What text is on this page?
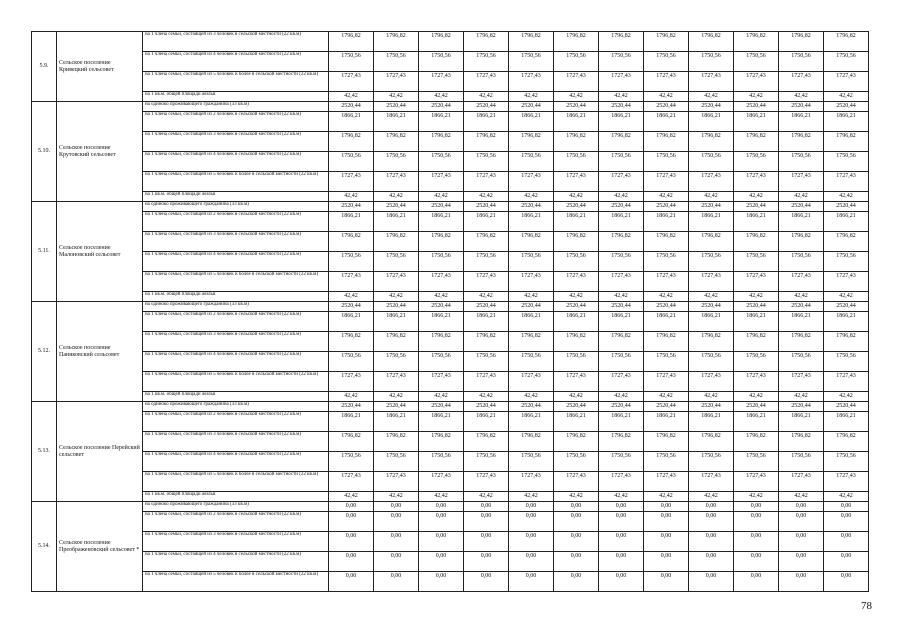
5.9.	Сельское поселение Кривецкий сельсовет	на 1 члена семьи, состоящей из 3 человек в сельской местности (22 кв.м)	1796,82	1796,82	1796,82	1796,82	1796,82	1796,82	1796,82	1796,82	1796,82	1796,82	1796,82	1796,82
		на 1 члена семьи, состоящей из 4 человек в сельской местности (22 кв.м)	1750,56	1750,56	1750,56	1750,56	1750,56	1750,56	1750,56	1750,56	1750,56	1750,56	1750,56	1750,56
		на 1 члена семьи, состоящей из 5 человек и более в сельской местности (22 кв.м)	1727,43	1727,43	1727,43	1727,43	1727,43	1727,43	1727,43	1727,43	1727,43	1727,43	1727,43	1727,43
		на 1 кв.м. общей площади жилья	42,42	42,42	42,42	42,42	42,42	42,42	42,42	42,42	42,42	42,42	42,42	42,42
5.10.	Сельское поселение Крутовский сельсовет	на одиноко проживающего гражданина (33 кв.м)	2520,44	2520,44	2520,44	2520,44	2520,44	2520,44	2520,44	2520,44	2520,44	2520,44	2520,44	2520,44
		на 1 члена семьи, состоящей из 2 человек в сельской местности (22 кв.м)	1866,21	1866,21	1866,21	1866,21	1866,21	1866,21	1866,21	1866,21	1866,21	1866,21	1866,21	1866,21
		на 1 члена семьи, состоящей из 3 человек в сельской местности (22 кв.м)	1796,82	1796,82	1796,82	1796,82	1796,82	1796,82	1796,82	1796,82	1796,82	1796,82	1796,82	1796,82
		на 1 члена семьи, состоящей из 4 человек в сельской местности (22 кв.м)	1750,56	1750,56	1750,56	1750,56	1750,56	1750,56	1750,56	1750,56	1750,56	1750,56	1750,56	1750,56
		на 1 члена семьи, состоящей из 5 человек и более в сельской местности (22 кв.м)	1727,43	1727,43	1727,43	1727,43	1727,43	1727,43	1727,43	1727,43	1727,43	1727,43	1727,43	1727,43
		на 1 кв.м. общей площади жилья	42,42	42,42	42,42	42,42	42,42	42,42	42,42	42,42	42,42	42,42	42,42	42,42
5.11.	Сельское поселение Малоновский сельсовет	на одиноко проживающего гражданина (33 кв.м)	2520,44	2520,44	2520,44	2520,44	2520,44	2520,44	2520,44	2520,44	2520,44	2520,44	2520,44	2520,44
		на 1 члена семьи, состоящей из 2 человек в сельской местности (22 кв.м)	1866,21	1866,21	1866,21	1866,21	1866,21	1866,21	1866,21	1866,21	1866,21	1866,21	1866,21	1866,21
		на 1 члена семьи, состоящей из 3 человек в сельской местности (22 кв.м)	1796,82	1796,82	1796,82	1796,82	1796,82	1796,82	1796,82	1796,82	1796,82	1796,82	1796,82	1796,82
		на 1 члена семьи, состоящей из 4 человек в сельской местности (22 кв.м)	1750,56	1750,56	1750,56	1750,56	1750,56	1750,56	1750,56	1750,56	1750,56	1750,56	1750,56	1750,56
		на 1 члена семьи, состоящей из 5 человек и более в сельской местности (22 кв.м)	1727,43	1727,43	1727,43	1727,43	1727,43	1727,43	1727,43	1727,43	1727,43	1727,43	1727,43	1727,43
		на 1 кв.м. общей площади жилья	42,42	42,42	42,42	42,42	42,42	42,42	42,42	42,42	42,42	42,42	42,42	42,42
5.12.	Сельское поселение Паниковский сельсовет	на одиноко проживающего гражданина (33 кв.м)	2520,44	2520,44	2520,44	2520,44	2520,44	2520,44	2520,44	2520,44	2520,44	2520,44	2520,44	2520,44
		на 1 члена семьи, состоящей из 2 человек в сельской местности (22 кв.м)	1866,21	1866,21	1866,21	1866,21	1866,21	1866,21	1866,21	1866,21	1866,21	1866,21	1866,21	1866,21
		на 1 члена семьи, состоящей из 3 человек в сельской местности (22 кв.м)	1796,82	1796,82	1796,82	1796,82	1796,82	1796,82	1796,82	1796,82	1796,82	1796,82	1796,82	1796,82
		на 1 члена семьи, состоящей из 4 человек в сельской местности (22 кв.м)	1750,56	1750,56	1750,56	1750,56	1750,56	1750,56	1750,56	1750,56	1750,56	1750,56	1750,56	1750,56
		на 1 члена семьи, состоящей из 5 человек и более в сельской местности (22 кв.м)	1727,43	1727,43	1727,43	1727,43	1727,43	1727,43	1727,43	1727,43	1727,43	1727,43	1727,43	1727,43
		на 1 кв.м. общей площади жилья	42,42	42,42	42,42	42,42	42,42	42,42	42,42	42,42	42,42	42,42	42,42	42,42
5.13.	Сельское поселение Перейский сельсовет	на одиноко проживающего гражданина (33 кв.м)	2520,44	2520,44	2520,44	2520,44	2520,44	2520,44	2520,44	2520,44	2520,44	2520,44	2520,44	2520,44
		на 1 члена семьи, состоящей из 2 человек в сельской местности (22 кв.м)	1866,21	1866,21	1866,21	1866,21	1866,21	1866,21	1866,21	1866,21	1866,21	1866,21	1866,21	1866,21
		на 1 члена семьи, состоящей из 3 человек в сельской местности (22 кв.м)	1796,82	1796,82	1796,82	1796,82	1796,82	1796,82	1796,82	1796,82	1796,82	1796,82	1796,82	1796,82
		на 1 члена семьи, состоящей из 4 человек в сельской местности (22 кв.м)	1750,56	1750,56	1750,56	1750,56	1750,56	1750,56	1750,56	1750,56	1750,56	1750,56	1750,56	1750,56
		на 1 члена семьи, состоящей из 5 человек и более в сельской местности (22 кв.м)	1727,43	1727,43	1727,43	1727,43	1727,43	1727,43	1727,43	1727,43	1727,43	1727,43	1727,43	1727,43
		на 1 кв.м. общей площади жилья	42,42	42,42	42,42	42,42	42,42	42,42	42,42	42,42	42,42	42,42	42,42	42,42
5.14.	Сельское поселение Преображеновский сельсовет *	на одиноко проживающего гражданина (33 кв.м)	0,00	0,00	0,00	0,00	0,00	0,00	0,00	0,00	0,00	0,00	0,00	0,00
		на 1 члена семьи, состоящей из 2 человек в сельской местности (22 кв.м)	0,00	0,00	0,00	0,00	0,00	0,00	0,00	0,00	0,00	0,00	0,00	0,00
		на 1 члена семьи, состоящей из 3 человек в сельской местности (22 кв.м)	0,00	0,00	0,00	0,00	0,00	0,00	0,00	0,00	0,00	0,00	0,00	0,00
		на 1 члена семьи, состоящей из 4 человек в сельской местности (22 кв.м)	0,00	0,00	0,00	0,00	0,00	0,00	0,00	0,00	0,00	0,00	0,00	0,00
		на 1 члена семьи, состоящей из 5 человек и более в сельской местности (22 кв.м)	0,00	0,00	0,00	0,00	0,00	0,00	0,00	0,00	0,00	0,00	0,00	0,00
78
